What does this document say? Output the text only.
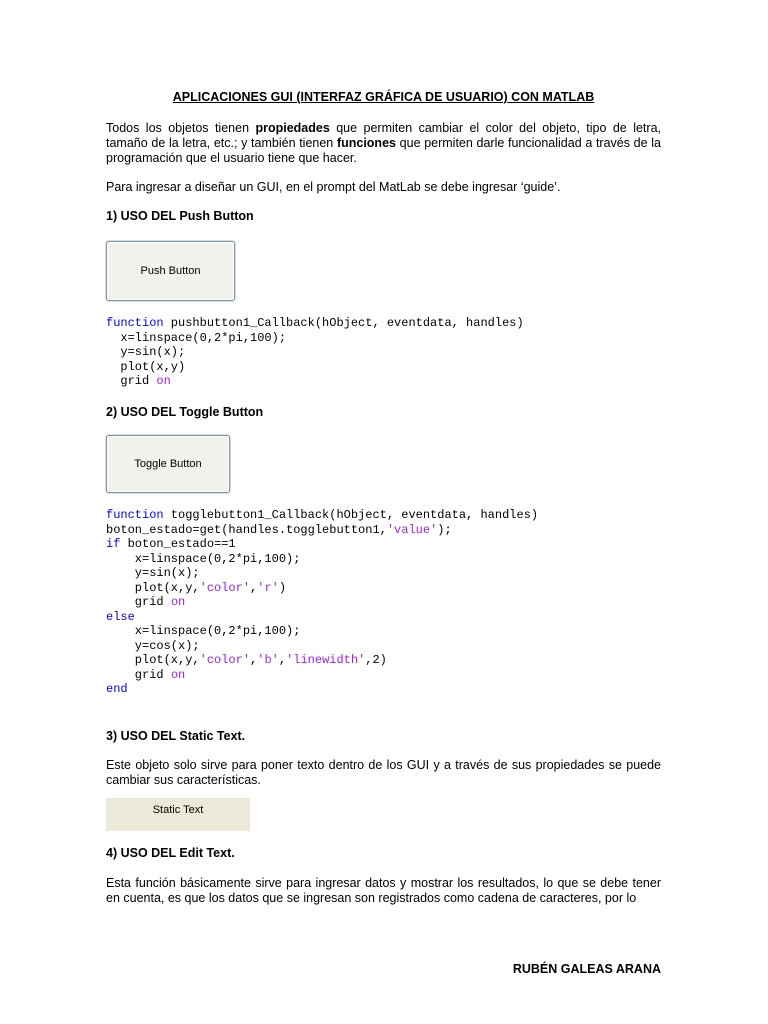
APLICACIONES GUI (INTERFAZ GRÁFICA DE USUARIO) CON MATLAB
Todos los objetos tienen propiedades que permiten cambiar el color del objeto, tipo de letra, tamaño de la letra, etc.; y también tienen funciones que permiten darle funcionalidad a través de la programación que el usuario tiene que hacer.
Para ingresar a diseñar un GUI, en el prompt del MatLab se debe ingresar ‘guide’.
1) USO DEL Push Button
Push Button
function pushbutton1_Callback(hObject, eventdata, handles)
x=linspace(0,2*pi,100);
y=sin(x);
plot(x,y)
grid on
2) USO DEL Toggle Button
Toggle Button
function togglebutton1_Callback(hObject, eventdata, handles)
boton_estado=get(handles.togglebutton1,'value');
if boton_estado==1
x=linspace(0,2*pi,100);
y=sin(x);
plot(x,y,'color','r')
grid on
else
x=linspace(0,2*pi,100);
y=cos(x);
plot(x,y,'color','b','linewidth',2)
grid on
end
3) USO DEL Static Text.
Este objeto solo sirve para poner texto dentro de los GUI y a través de sus propiedades se puede cambiar sus características.
Static Text
4) USO DEL Edit Text.
Esta función básicamente sirve para ingresar datos y mostrar los resultados, lo que se debe tener en cuenta, es que los datos que se ingresan son registrados como cadena de caracteres, por lo
RUBÉN GALEAS ARANA
